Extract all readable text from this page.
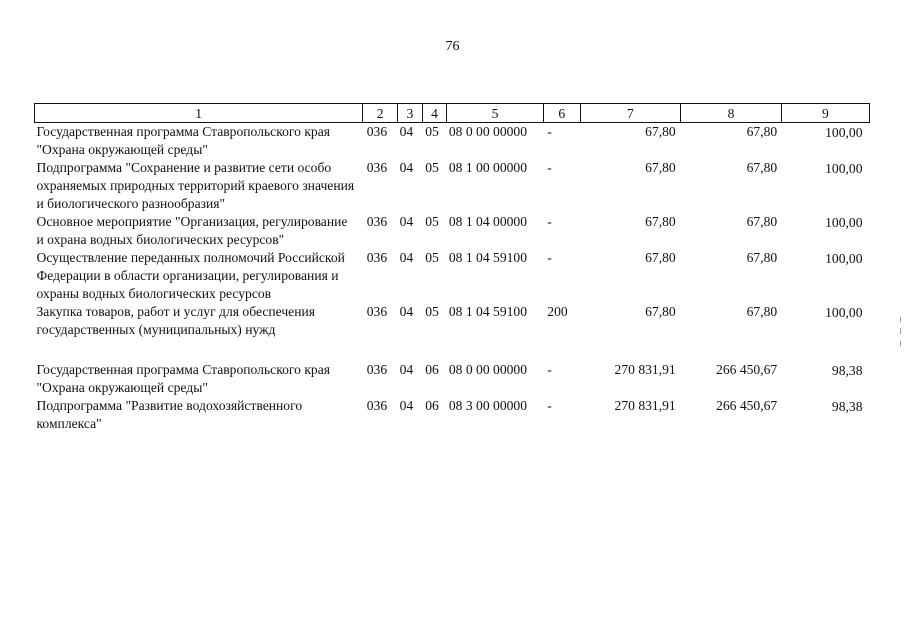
76
1	2	3	4	5	6	7	8	9
Государственная программа Ставропольского края "Охрана окружающей среды"	036	04	05	08 0 00 00000	-	67,80	67,80	100,00
Подпрограмма "Сохранение и развитие сети особо охраняемых природных территорий краевого значения и биологического разнообразия"	036	04	05	08 1 00 00000	-	67,80	67,80	100,00
Основное мероприятие "Организация, регулирование и охрана водных биологических ресурсов"	036	04	05	08 1 04 00000	-	67,80	67,80	100,00
Осуществление переданных полномочий Российской Федерации в области организации, регулирования и охраны водных биологических ресурсов	036	04	05	08 1 04 59100	-	67,80	67,80	100,00
Закупка товаров, работ и услуг для обеспечения государственных (муниципальных) нужд	036	04	05	08 1 04 59100	200	67,80	67,80	100,00

Государственная программа Ставропольского края "Охрана окружающей среды"	036	04	06	08 0 00 00000	-	270 831,91	266 450,67	98,38
Подпрограмма "Развитие водохозяйственного комплекса"	036	04	06	08 3 00 00000	-	270 831,91	266 450,67	98,38
